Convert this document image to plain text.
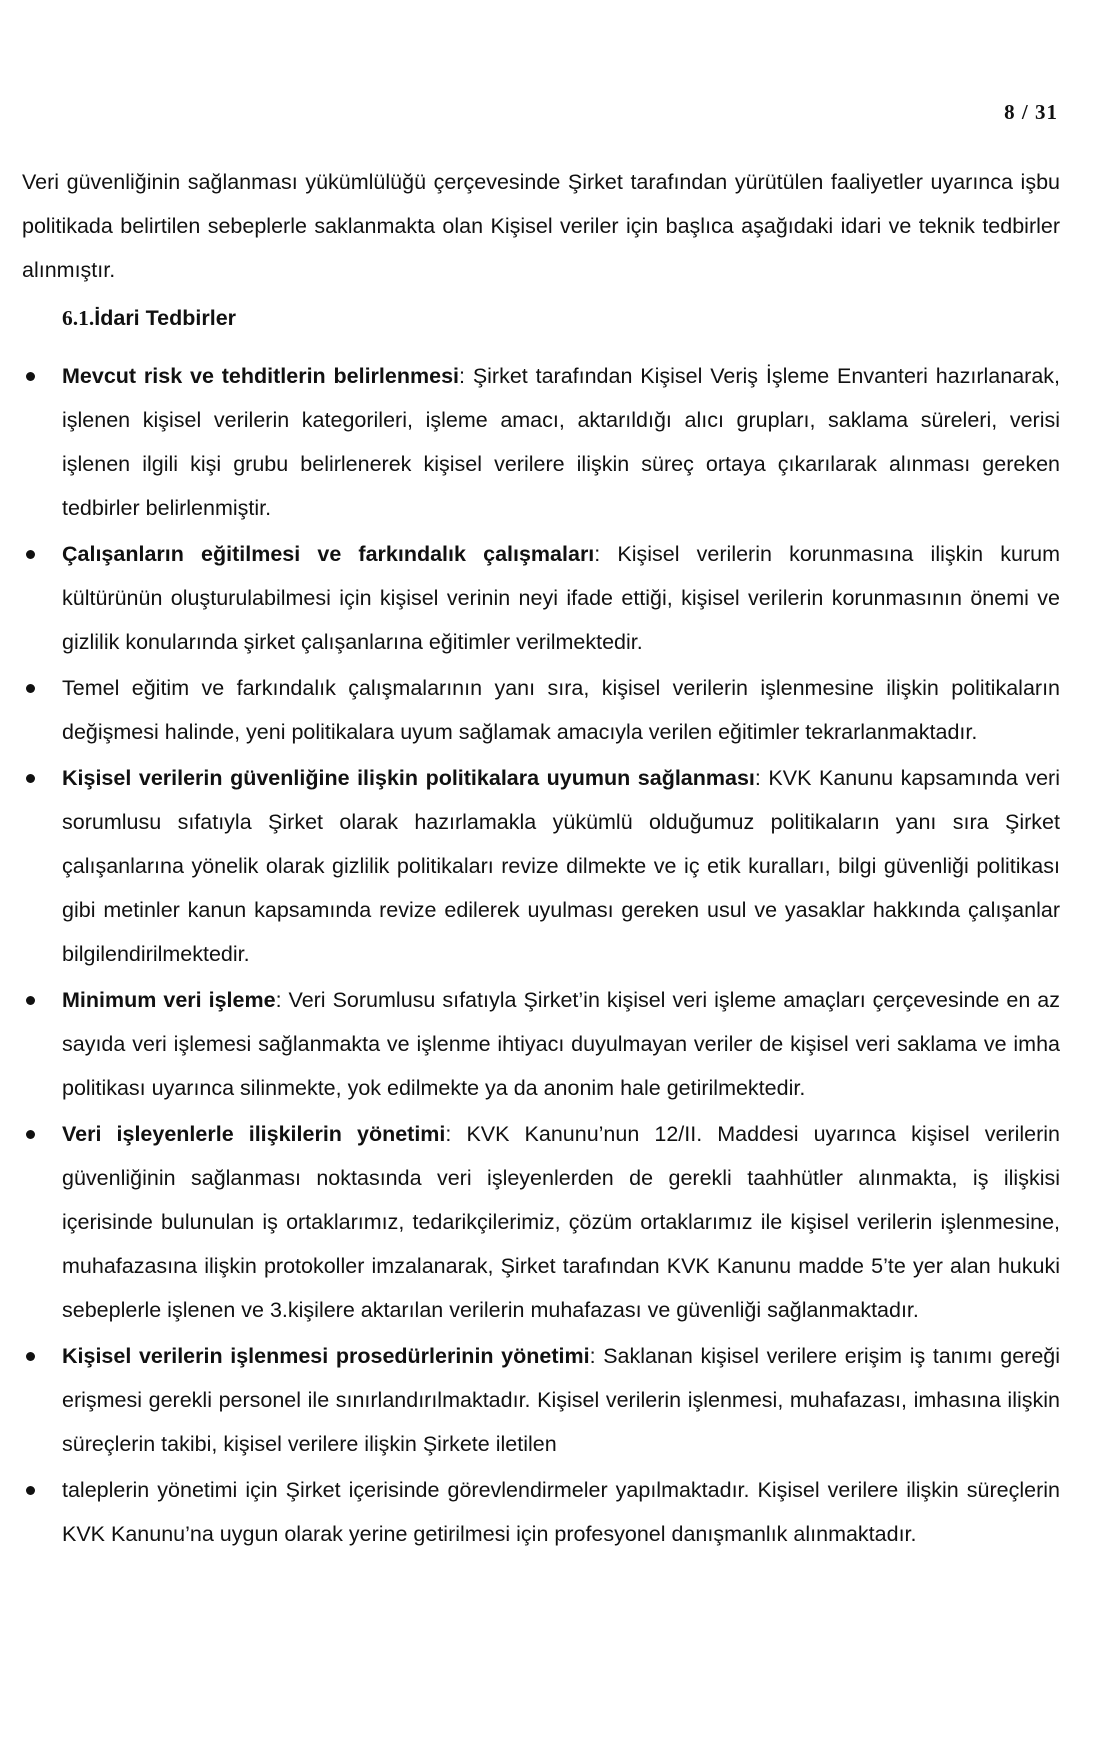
8 / 31

Veri güvenliğinin sağlanması yükümlülüğü çerçevesinde Şirket tarafından yürütülen faaliyetler uyarınca işbu politikada belirtilen sebeplerle saklanmakta olan Kişisel veriler için başlıca aşağıdaki idari ve teknik tedbirler alınmıştır.

6.1.İdari Tedbirler
Mevcut risk ve tehditlerin belirlenmesi: Şirket tarafından Kişisel Veriş İşleme Envanteri hazırlanarak, işlenen kişisel verilerin kategorileri, işleme amacı, aktarıldığı alıcı grupları, saklama süreleri, verisi işlenen ilgili kişi grubu belirlenerek kişisel verilere ilişkin süreç ortaya çıkarılarak alınması gereken tedbirler belirlenmiştir.
Çalışanların eğitilmesi ve farkındalık çalışmaları: Kişisel verilerin korunmasına ilişkin kurum kültürünün oluşturulabilmesi için kişisel verinin neyi ifade ettiği, kişisel verilerin korunmasının önemi ve gizlilik konularında şirket çalışanlarına eğitimler verilmektedir.
Temel eğitim ve farkındalık çalışmalarının yanı sıra, kişisel verilerin işlenmesine ilişkin politikaların değişmesi halinde, yeni politikalara uyum sağlamak amacıyla verilen eğitimler tekrarlanmaktadır.
Kişisel verilerin güvenliğine ilişkin politikalara uyumun sağlanması: KVK Kanunu kapsamında veri sorumlusu sıfatıyla Şirket olarak hazırlamakla yükümlü olduğumuz politikaların yanı sıra Şirket çalışanlarına yönelik olarak gizlilik politikaları revize dilmekte ve iç etik kuralları, bilgi güvenliği politikası gibi metinler kanun kapsamında revize edilerek uyulması gereken usul ve yasaklar hakkında çalışanlar bilgilendirilmektedir.
Minimum veri işleme: Veri Sorumlusu sıfatıyla Şirket’in kişisel veri işleme amaçları çerçevesinde en az sayıda veri işlemesi sağlanmakta ve işlenme ihtiyacı duyulmayan veriler de kişisel veri saklama ve imha politikası uyarınca silinmekte, yok edilmekte ya da anonim hale getirilmektedir.
Veri işleyenlerle ilişkilerin yönetimi: KVK Kanunu’nun 12/II. Maddesi uyarınca kişisel verilerin güvenliğinin sağlanması noktasında veri işleyenlerden de gerekli taahhütler alınmakta, iş ilişkisi içerisinde bulunulan iş ortaklarımız, tedarikçilerimiz, çözüm ortaklarımız ile kişisel verilerin işlenmesine, muhafazasına ilişkin protokoller imzalanarak, Şirket tarafından KVK Kanunu madde 5’te yer alan hukuki sebeplerle işlenen ve 3.kişilere aktarılan verilerin muhafazası ve güvenliği sağlanmaktadır.
Kişisel verilerin işlenmesi prosedürlerinin yönetimi: Saklanan kişisel verilere erişim iş tanımı gereği erişmesi gerekli personel ile sınırlandırılmaktadır. Kişisel verilerin işlenmesi, muhafazası, imhasına ilişkin süreçlerin takibi, kişisel verilere ilişkin Şirkete iletilen
taleplerin yönetimi için Şirket içerisinde görevlendirmeler yapılmaktadır. Kişisel verilere ilişkin süreçlerin KVK Kanunu’na uygun olarak yerine getirilmesi için profesyonel danışmanlık alınmaktadır.
